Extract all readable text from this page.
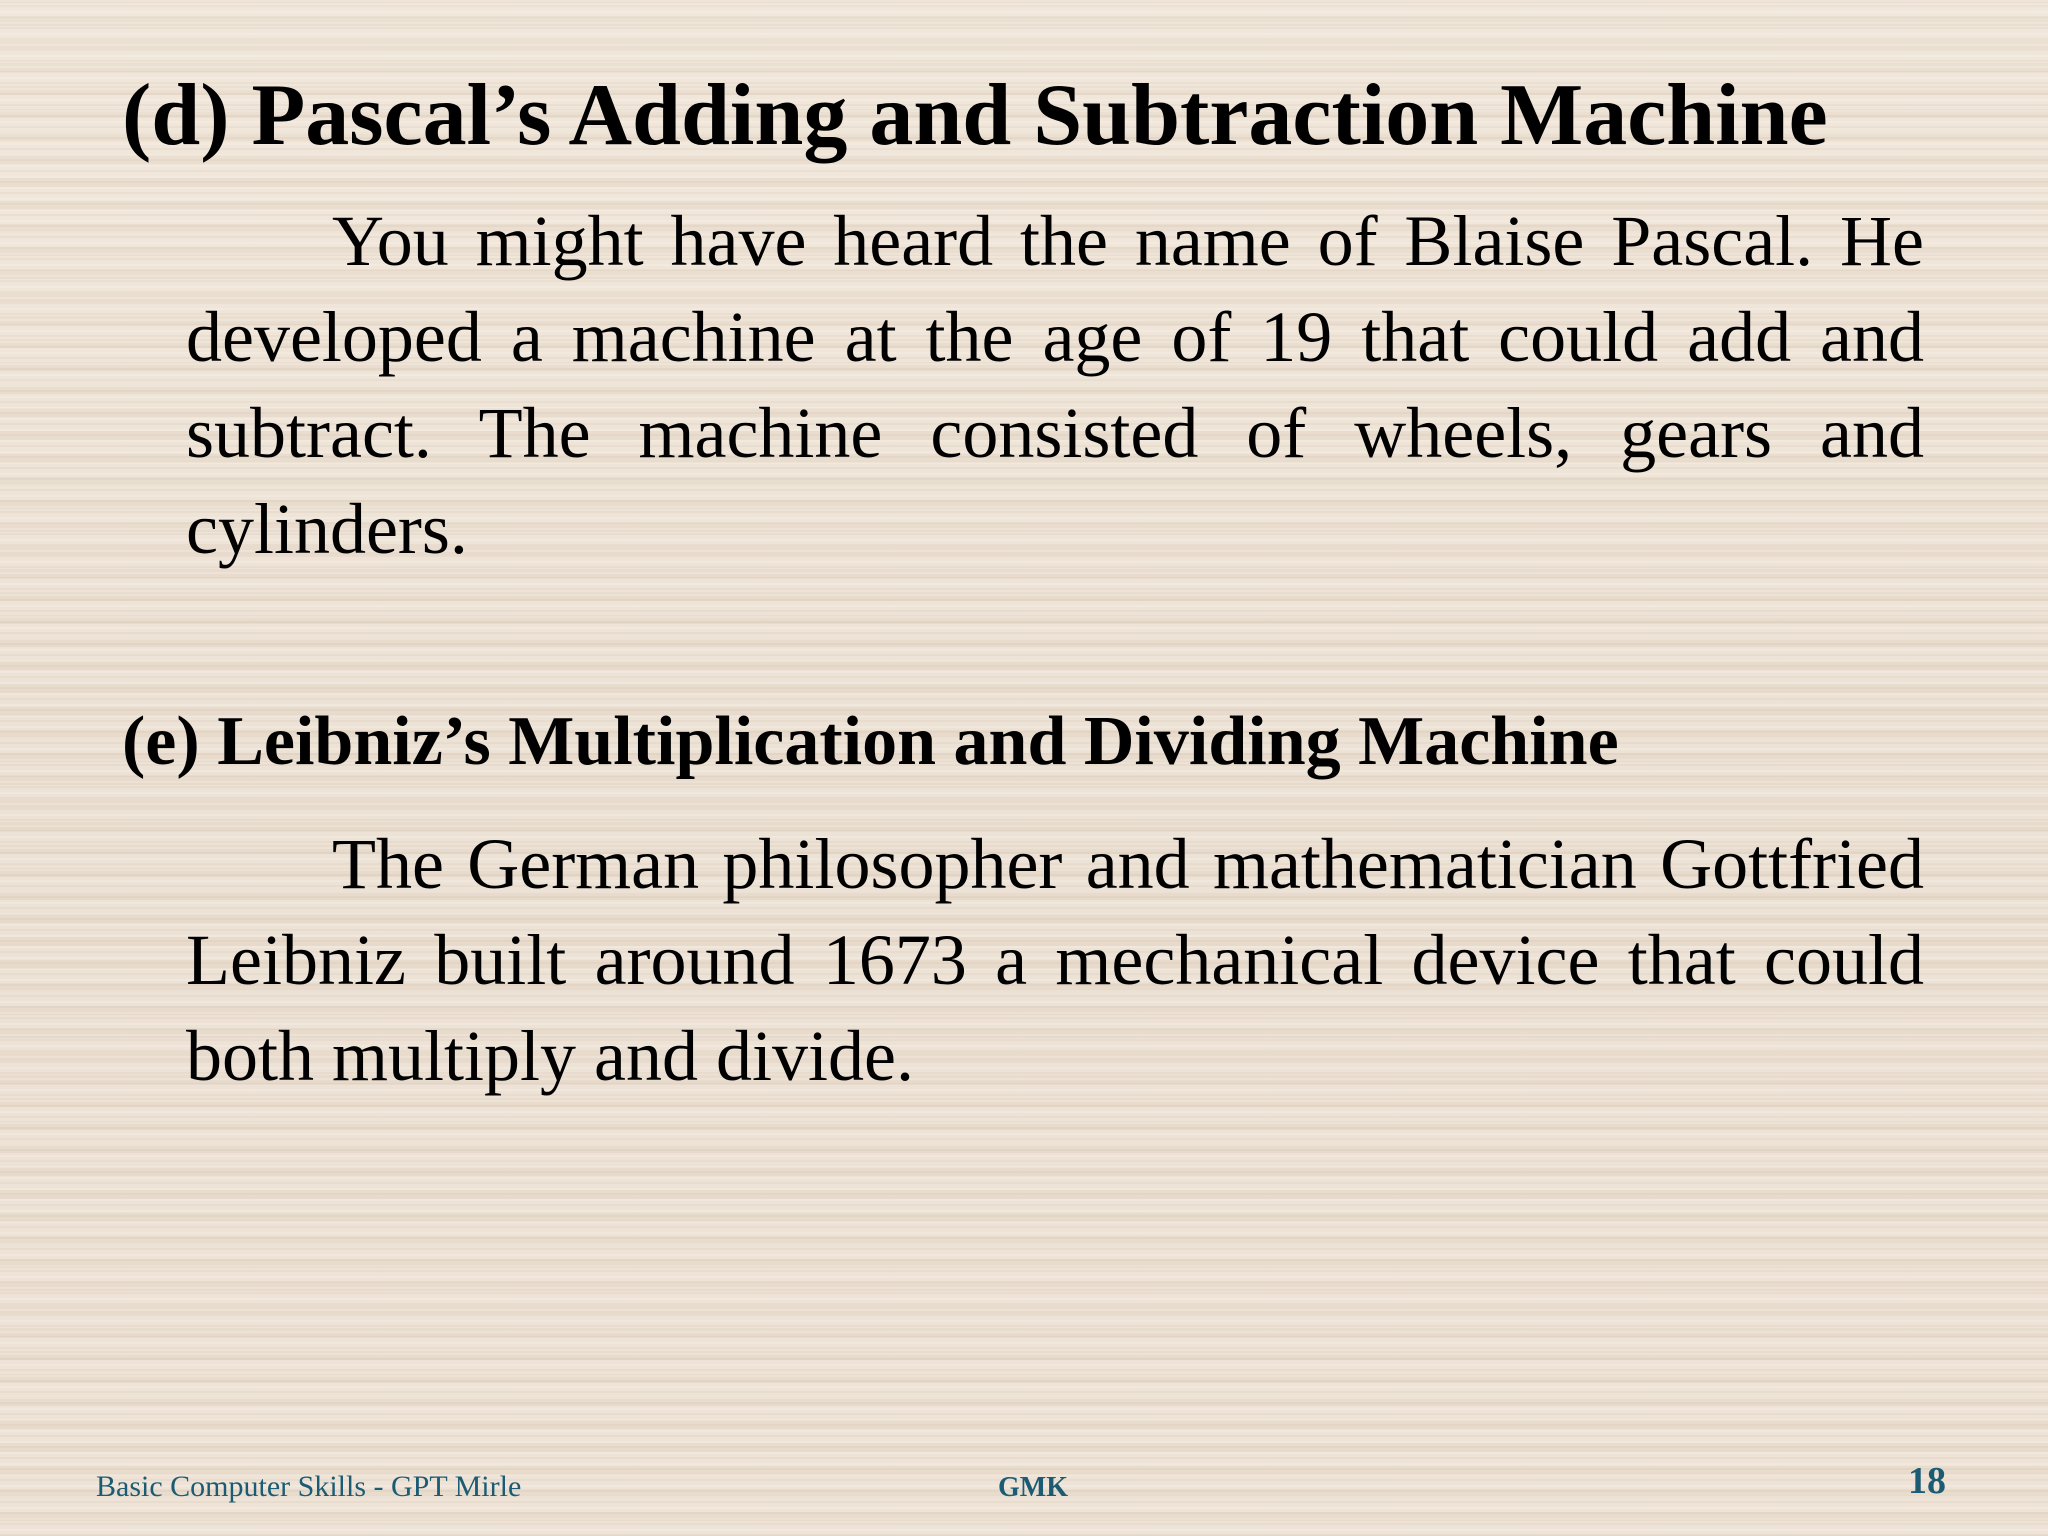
(d) Pascal’s Adding and Subtraction Machine

You might have heard the name of Blaise Pascal. He developed a machine at the age of 19 that could add and subtract. The machine consisted of wheels, gears and cylinders.

(e) Leibniz’s Multiplication and Dividing Machine

The German philosopher and mathematician Gottfried Leibniz built around 1673 a mechanical device that could both multiply and divide.

Basic Computer Skills - GPT Mirle	GMK	18
